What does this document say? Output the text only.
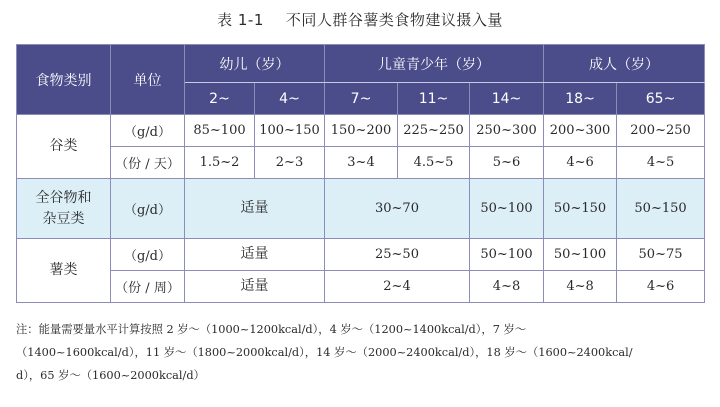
表 1-1 不同人群谷薯类食物建议摄入量
食物类别	单位	幼儿（岁）		儿童青少年（岁）			成人（岁）	
		2~	4~	7~	11~	14~	18~	65~
谷类	（g/d）	85~100	100~150	150~200	225~250	250~300	200~300	200~250
	（份 / 天）	1.5~2	2~3	3~4	4.5~5	5~6	4~6	4~5

全谷物和
杂豆类	（g/d）	适量		30~70		50~100	50~150	50~150
薯类	（g/d）	适量		25~50		50~100	50~100	50~75
	（份 / 周）	适量		2~4		4~8	4~8	4~6
注：能量需要量水平计算按照 2 岁～（1000~1200kcal/d），4 岁～（1200~1400kcal/d），7 岁～
（1400~1600kcal/d），11 岁～（1800~2000kcal/d），14 岁～（2000~2400kcal/d），18 岁～（1600~2400kcal/
d），65 岁～（1600~2000kcal/d）
